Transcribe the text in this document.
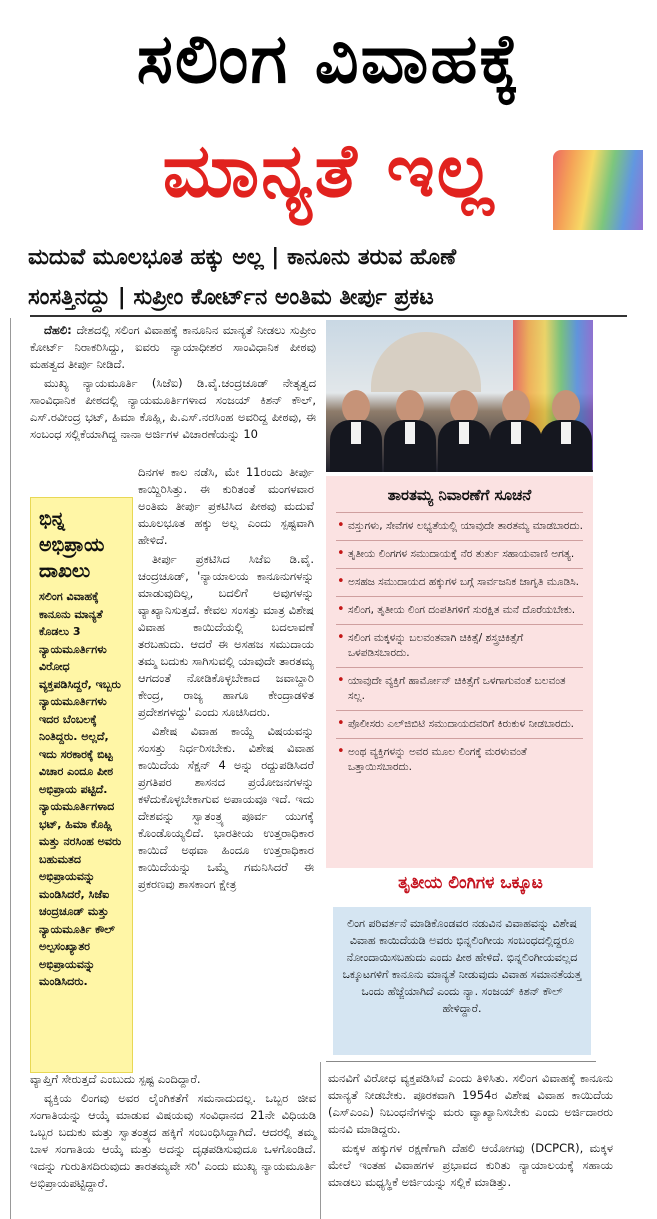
ಸಲಿಂಗ ವಿವಾಹಕ್ಕೆ
ಮಾನ್ಯತೆ ಇಲ್ಲ
ಮದುವೆ ಮೂಲಭೂತ ಹಕ್ಕು ಅಲ್ಲ | ಕಾನೂನು ತರುವ ಹೊಣೆ
ಸಂಸತ್ತಿನದ್ದು | ಸುಪ್ರೀಂ ಕೋರ್ಟ್‌ನ ಅಂತಿಮ ತೀರ್ಪು ಪ್ರಕಟ

ದೆಹಲಿ: ದೇಶದಲ್ಲಿ ಸಲಿಂಗ ವಿವಾಹಕ್ಕೆ ಕಾನೂನಿನ ಮಾನ್ಯತೆ ನೀಡಲು ಸುಪ್ರೀಂ ಕೋರ್ಟ್ ನಿರಾಕರಿಸಿದ್ದು, ಐವರು ನ್ಯಾಯಾಧೀಶರ ಸಾಂವಿಧಾನಿಕ ಪೀಠವು ಮಹತ್ವದ ತೀರ್ಪು ನೀಡಿದೆ.

ಮುಖ್ಯ ನ್ಯಾಯಮೂರ್ತಿ (ಸಿಜೆಐ) ಡಿ.ವೈ.ಚಂದ್ರಚೂಡ್ ನೇತೃತ್ವದ ಸಾಂವಿಧಾನಿಕ ಪೀಠದಲ್ಲಿ ನ್ಯಾಯಮೂರ್ತಿಗಳಾದ ಸಂಜಯ್ ಕಿಶನ್ ಕೌಲ್, ಎಸ್.ರವೀಂದ್ರ ಭಟ್, ಹಿಮಾ ಕೊಹ್ಲಿ, ಪಿ.ಎಸ್.ನರಸಿಂಹ ಅವರಿದ್ದ ಪೀಠವು, ಈ ಸಂಬಂಧ ಸಲ್ಲಿಕೆಯಾಗಿದ್ದ ನಾನಾ ಅರ್ಜಿಗಳ ವಿಚಾರಣೆಯನ್ನು 10

ಭಿನ್ನ ಅಭಿಪ್ರಾಯ ದಾಖಲು
ಸಲಿಂಗ ವಿವಾಹಕ್ಕೆ ಕಾನೂನು ಮಾನ್ಯತೆ ಕೊಡಲು 3 ನ್ಯಾಯಮೂರ್ತಿಗಳು ವಿರೋಧ ವ್ಯಕ್ತಪಡಿಸಿದ್ದರೆ, ಇಬ್ಬರು ನ್ಯಾಯಮೂರ್ತಿಗಳು ಇದರ ಬೆಂಬಲಕ್ಕೆ ನಿಂತಿದ್ದರು. ಅಲ್ಲದೆ, ಇದು ಸರಕಾರಕ್ಕೆ ಬಿಟ್ಟ ವಿಚಾರ ಎಂದೂ ಪೀಠ ಅಭಿಪ್ರಾಯ ಪಟ್ಟಿದೆ. ನ್ಯಾಯಮೂರ್ತಿಗಳಾದ ಭಟ್, ಹಿಮಾ ಕೊಹ್ಲಿ ಮತ್ತು ನರಸಿಂಹ ಅವರು ಬಹುಮತದ ಅಭಿಪ್ರಾಯವನ್ನು ಮಂಡಿಸಿದರೆ, ಸಿಜೆಐ ಚಂದ್ರಚೂಡ್ ಮತ್ತು ನ್ಯಾಯಮೂರ್ತಿ ಕೌಲ್ ಅಲ್ಪಸಂಖ್ಯಾತರ ಅಭಿಪ್ರಾಯವನ್ನು ಮಂಡಿಸಿದರು.

ದಿನಗಳ ಕಾಲ ನಡೆಸಿ, ಮೇ 11ರಂದು ತೀರ್ಪು ಕಾಯ್ದಿರಿಸಿತ್ತು. ಈ ಕುರಿತಂತೆ ಮಂಗಳವಾರ ಅಂತಿಮ ತೀರ್ಪು ಪ್ರಕಟಿಸಿದ ಪೀಠವು ಮದುವೆ ಮೂಲಭೂತ ಹಕ್ಕು ಅಲ್ಲ ಎಂದು ಸ್ಪಷ್ಟವಾಗಿ ಹೇಳಿದೆ.

ತೀರ್ಪು ಪ್ರಕಟಿಸಿದ ಸಿಜೆಐ ಡಿ.ವೈ. ಚಂದ್ರಚೂಡ್, 'ನ್ಯಾಯಾಲಯ ಕಾನೂನುಗಳನ್ನು ಮಾಡುವುದಿಲ್ಲ, ಬದಲಿಗೆ ಅವುಗಳನ್ನು ವ್ಯಾಖ್ಯಾನಿಸುತ್ತದೆ. ಕೇವಲ ಸಂಸತ್ತು ಮಾತ್ರ ವಿಶೇಷ ವಿವಾಹ ಕಾಯಿದೆಯಲ್ಲಿ ಬದಲಾವಣೆ ತರಬಹುದು. ಆದರೆ ಈ ಅಸಹಜ ಸಮುದಾಯ ತಮ್ಮ ಬದುಕು ಸಾಗಿಸುವಲ್ಲಿ ಯಾವುದೇ ತಾರತಮ್ಯ ಆಗದಂತೆ ನೋಡಿಕೊಳ್ಳಬೇಕಾದ ಜವಾಬ್ದಾರಿ ಕೇಂದ್ರ, ರಾಜ್ಯ ಹಾಗೂ ಕೇಂದ್ರಾಡಳಿತ ಪ್ರದೇಶಗಳದ್ದು' ಎಂದು ಸೂಚಿಸಿದರು.

ವಿಶೇಷ ವಿವಾಹ ಕಾಯ್ದೆ ವಿಷಯವನ್ನು ಸಂಸತ್ತು ನಿರ್ಧರಿಸಬೇಕು. ವಿಶೇಷ ವಿವಾಹ ಕಾಯಿದೆಯ ಸೆಕ್ಷನ್ 4 ಅನ್ನು ರದ್ದುಪಡಿಸಿದರೆ ಪ್ರಗತಿಪರ ಶಾಸನದ ಪ್ರಯೋಜನಗಳನ್ನು ಕಳೆದುಕೊಳ್ಳಬೇಕಾಗುವ ಅಪಾಯವೂ ಇದೆ. ಇದು ದೇಶವನ್ನು ಸ್ವಾತಂತ್ರ್ಯ ಪೂರ್ವ ಯುಗಕ್ಕೆ ಕೊಂಡೊಯ್ಯಲಿದೆ. ಭಾರತೀಯ ಉತ್ತರಾಧಿಕಾರ ಕಾಯಿದೆ ಅಥವಾ ಹಿಂದೂ ಉತ್ತರಾಧಿಕಾರ ಕಾಯಿದೆಯನ್ನು ಒಮ್ಮೆ ಗಮನಿಸಿದರೆ ಈ ಪ್ರಕರಣವು ಶಾಸಕಾಂಗ ಕ್ಷೇತ್ರ

ವ್ಯಾಪ್ತಿಗೆ ಸೇರುತ್ತದೆ ಎಂಬುದು ಸ್ಪಷ್ಟ ಎಂದಿದ್ದಾರೆ.

ವ್ಯಕ್ತಿಯ ಲಿಂಗವು ಅವರ ಲೈಂಗಿಕತೆಗೆ ಸಮನಾದುದಲ್ಲ. ಒಬ್ಬರ ಜೀವ ಸಂಗಾತಿಯನ್ನು ಆಯ್ಕೆ ಮಾಡುವ ವಿಷಯವು ಸಂವಿಧಾನದ 21ನೇ ವಿಧಿಯಡಿ ಒಬ್ಬರ ಬದುಕು ಮತ್ತು ಸ್ವಾತಂತ್ರ್ಯದ ಹಕ್ಕಿಗೆ ಸಂಬಂಧಿಸಿದ್ದಾಗಿದೆ. ಆದರಲ್ಲಿ ತಮ್ಮ ಬಾಳ ಸಂಗಾತಿಯ ಆಯ್ಕೆ ಮತ್ತು ಅದನ್ನು ದೃಢಪಡಿಸುವುದೂ ಒಳಗೊಂಡಿದೆ. ಇದನ್ನು ಗುರುತಿಸದಿರುವುದು ತಾರತಮ್ಯವೇ ಸರಿ' ಎಂದು ಮುಖ್ಯ ನ್ಯಾಯಮೂರ್ತಿ ಅಭಿಪ್ರಾಯಪಟ್ಟಿದ್ದಾರೆ.

ತಾರತಮ್ಯ ನಿವಾರಣೆಗೆ ಸೂಚನೆ
• ವಸ್ತುಗಳು, ಸೇವೆಗಳ ಲಭ್ಯತೆಯಲ್ಲಿ ಯಾವುದೇ ತಾರತಮ್ಯ ಮಾಡಬಾರದು.
• ತೃತೀಯ ಲಿಂಗಗಳ ಸಮುದಾಯಕ್ಕೆ ನೆರ ತುರ್ತು ಸಹಾಯವಾಣಿ ಅಗತ್ಯ.
• ಅಸಹಜ ಸಮುದಾಯದ ಹಕ್ಕುಗಳ ಬಗ್ಗೆ ಸಾರ್ವಜನಿಕ ಜಾಗೃತಿ ಮೂಡಿಸಿ.
• ಸಲಿಂಗ, ತೃತೀಯ ಲಿಂಗ ದಂಪತಿಗಳಿಗೆ ಸುರಕ್ಷಿತ ಮನೆ ದೊರೆಯಬೇಕು.
• ಸಲಿಂಗ ಮಕ್ಕಳನ್ನು ಬಲವಂತವಾಗಿ ಚಿಕಿತ್ಸೆ/ ಶಸ್ತ್ರಚಿಕಿತ್ಸೆಗೆ ಒಳಪಡಿಸಬಾರದು.
• ಯಾವುದೇ ವ್ಯಕ್ತಿಗೆ ಹಾರ್ಮೋನ್ ಚಿಕಿತ್ಸೆಗೆ ಒಳಗಾಗುವಂತೆ ಬಲವಂತ ಸಲ್ಲ.
• ಪೊಲೀಸರು ಎಲ್‌ಜಿಬಿಟಿ ಸಮುದಾಯದವರಿಗೆ ಕಿರುಕುಳ ನೀಡಬಾರದು.
• ಅಂಥ ವ್ಯಕ್ತಿಗಳನ್ನು ಅವರ ಮೂಲ ಲಿಂಗಕ್ಕೆ ಮರಳುವಂತೆ ಒತ್ತಾಯಿಸಬಾರದು.
ತೃತೀಯ ಲಿಂಗಿಗಳ ಒಕ್ಕೂಟ
ಲಿಂಗ ಪರಿವರ್ತನೆ ಮಾಡಿಕೊಂಡವರ ನಡುವಿನ ವಿವಾಹವನ್ನು ವಿಶೇಷ ವಿವಾಹ ಕಾಯಿದೆಯಡಿ ಅವರು ಭಿನ್ನಲಿಂಗೀಯ ಸಂಬಂಧದಲ್ಲಿದ್ದರೂ ನೋಂದಾಯಿಸಬಹುದು ಎಂದು ಪೀಠ ಹೇಳಿದೆ. ಭಿನ್ನಲಿಂಗೀಯವಲ್ಲದ ಒಕ್ಕೂಟಗಳಿಗೆ ಕಾನೂನು ಮಾನ್ಯತೆ ನೀಡುವುದು ವಿವಾಹ ಸಮಾನತೆಯತ್ತ ಒಂದು ಹೆಜ್ಜೆಯಾಗಿದೆ ಎಂದು ನ್ಯಾ. ಸಂಜಯ್ ಕಿಶನ್ ಕೌಲ್ ಹೇಳಿದ್ದಾರೆ.

ಮನವಿಗೆ ವಿರೋಧ ವ್ಯಕ್ತಪಡಿಸಿವೆ ಎಂದು ತಿಳಿಸಿತು. ಸಲಿಂಗ ವಿವಾಹಕ್ಕೆ ಕಾನೂನು ಮಾನ್ಯತೆ ನೀಡಬೇಕು. ಪೂರಕವಾಗಿ 1954ರ ವಿಶೇಷ ವಿವಾಹ ಕಾಯಿದೆಯ (ಎಸ್‌ಎಂಎ) ನಿಬಂಧನೆಗಳನ್ನು ಮರು ವ್ಯಾಖ್ಯಾನಿಸಬೇಕು ಎಂದು ಅರ್ಜಿದಾರರು ಮನವಿ ಮಾಡಿದ್ದರು.

ಮಕ್ಕಳ ಹಕ್ಕುಗಳ ರಕ್ಷಣೆಗಾಗಿ ದೆಹಲಿ ಆಯೋಗವು (DCPCR), ಮಕ್ಕಳ ಮೇಲೆ ಇಂತಹ ವಿವಾಹಗಳ ಪ್ರಭಾವದ ಕುರಿತು ನ್ಯಾಯಾಲಯಕ್ಕೆ ಸಹಾಯ ಮಾಡಲು ಮಧ್ಯಸ್ಥಿಕೆ ಅರ್ಜಿಯನ್ನು ಸಲ್ಲಿಕೆ ಮಾಡಿತ್ತು.
